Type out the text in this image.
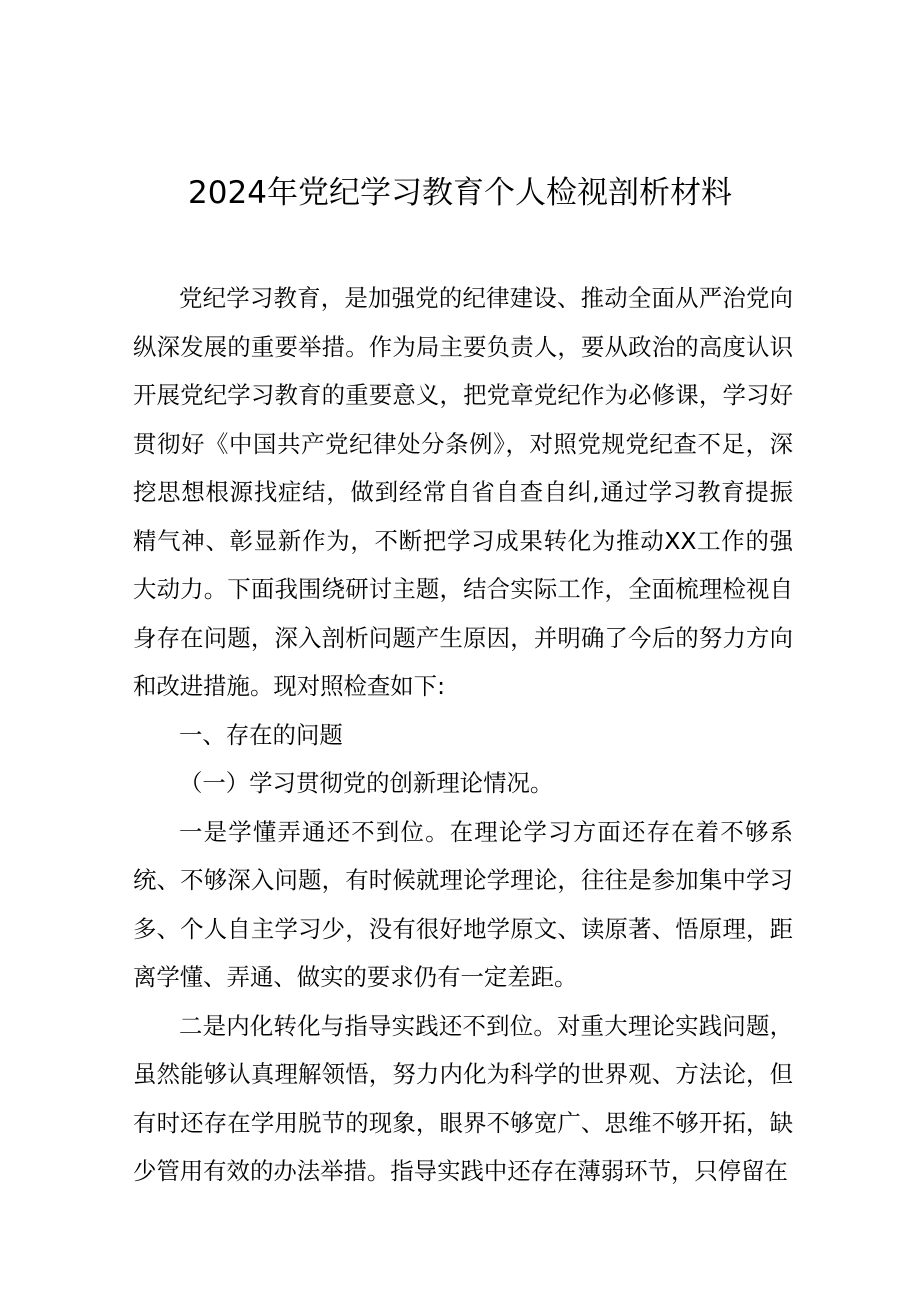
2024年党纪学习教育个人检视剖析材料

党纪学习教育，是加强党的纪律建设、推动全面从严治党向纵深发展的重要举措。作为局主要负责人，要从政治的高度认识开展党纪学习教育的重要意义，把党章党纪作为必修课，学习好贯彻好《中国共产党纪律处分条例》，对照党规党纪查不足，深挖思想根源找症结，做到经常自省自查自纠,通过学习教育提振精气神、彰显新作为，不断把学习成果转化为推动XX工作的强大动力。下面我围绕研讨主题，结合实际工作，全面梳理检视自身存在问题，深入剖析问题产生原因，并明确了今后的努力方向和改进措施。现对照检查如下:

一、存在的问题

（一）学习贯彻党的创新理论情况。

一是学懂弄通还不到位。在理论学习方面还存在着不够系统、不够深入问题，有时候就理论学理论，往往是参加集中学习多、个人自主学习少，没有很好地学原文、读原著、悟原理，距离学懂、弄通、做实的要求仍有一定差距。

二是内化转化与指导实践还不到位。对重大理论实践问题，虽然能够认真理解领悟，努力内化为科学的世界观、方法论，但有时还存在学用脱节的现象，眼界不够宽广、思维不够开拓，缺少管用有效的办法举措。指导实践中还存在薄弱环节，只停留在
